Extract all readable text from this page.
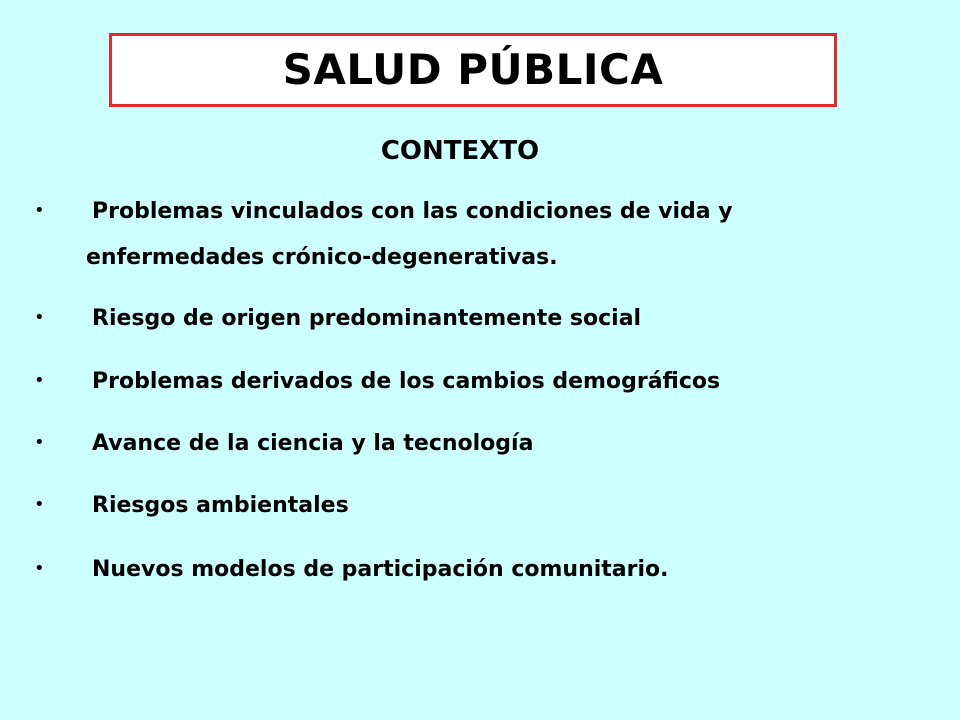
SALUD PÚBLICA
CONTEXTO
• Problemas vinculados con las condiciones de vida y enfermedades crónico-degenerativas.
• Riesgo de origen predominantemente social
• Problemas derivados de los cambios demográficos
• Avance de la ciencia y la tecnología
• Riesgos ambientales
• Nuevos modelos de participación comunitario.
